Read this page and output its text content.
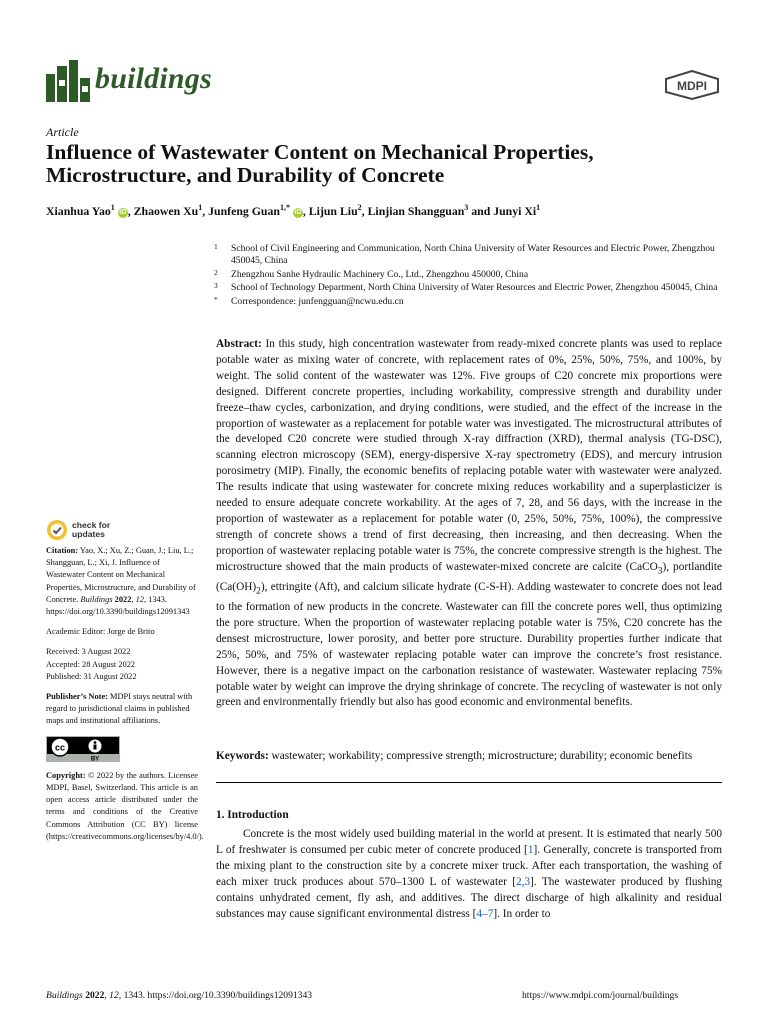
buildings	MDPI
Article
Influence of Wastewater Content on Mechanical Properties, Microstructure, and Durability of Concrete
Xianhua Yao$^1$ iD , Zhaowen Xu$^1$, Junfeng Guan$^{1,*}$ iD , Lijun Liu$^2$, Linjian Shangguan$^3$ and Junyi Xi$^1$
1 School of Civil Engineering and Communication, North China University of Water Resources and Electric Power, Zhengzhou 450045, China
2 Zhengzhou Sanhe Hydraulic Machinery Co., Ltd., Zhengzhou 450000, China
3 School of Technology Department, North China University of Water Resources and Electric Power, Zhengzhou 450045, China
* Correspondence: junfengguan@ncwu.edu.cn
Abstract: In this study, high concentration wastewater from ready-mixed concrete plants was used to replace potable water as mixing water of concrete, with replacement rates of 0%, 25%, 50%, 75%, and 100%, by weight. The solid content of the wastewater was 12%. Five groups of C20 concrete mix proportions were designed. Different concrete properties, including workability, compressive strength and durability under freeze–thaw cycles, carbonization, and drying conditions, were studied, and the effect of the increase in the proportion of wastewater as a replacement for potable water was investigated. The microstructural attributes of the developed C20 concrete were studied through X-ray diffraction (XRD), thermal analysis (TG-DSC), scanning electron microscopy (SEM), energy-dispersive X-ray spectrometry (EDS), and mercury intrusion porosimetry (MIP). Finally, the economic benefits of replacing potable water with wastewater were analyzed. The results indicate that using wastewater for concrete mixing reduces workability and a superplasticizer is needed to ensure adequate concrete workability. At the ages of 7, 28, and 56 days, with the increase in the proportion of wastewater as a replacement for potable water (0, 25%, 50%, 75%, 100%), the compressive strength of concrete shows a trend of first decreasing, then increasing, and then decreasing. When the proportion of wastewater replacing potable water is 75%, the concrete compressive strength is the highest. The microstructure showed that the main products of wastewater-mixed concrete are calcite (CaCO$_3$), portlandite $(Ca(OH)_2)$, ettringite (Aft), and calcium silicate hydrate (C-S-H). Adding wastewater to concrete does not lead to the formation of new products in the concrete. Wastewater can fill the concrete pores well, thus optimizing the pore structure. When the proportion of wastewater replacing potable water is 75%, C20 concrete has the densest microstructure, lower porosity, and better pore structure. Durability properties further indicate that 25%, 50%, and 75% of wastewater replacing potable water can improve the concrete’s frost resistance. However, there is a negative impact on the carbonation resistance of wastewater. Wastewater replacing 75% potable water by weight can improve the drying shrinkage of concrete. The recycling of wastewater is not only green and environmentally friendly but also has good economic and environmental benefits.
Keywords: wastewater; workability; compressive strength; microstructure; durability; economic benefits
1. Introduction
Concrete is the most widely used building material in the world at present. It is estimated that nearly 500 L of freshwater is consumed per cubic meter of concrete produced [1]. Generally, concrete is transported from the mixing plant to the construction site by a concrete mixer truck. After each transportation, the washing of each mixer truck produces about 570–1300 L of wastewater [2,3]. The wastewater produced by flushing contains unhydrated cement, fly ash, and additives. The direct discharge of high alkalinity and residual substances may cause significant environmental distress [4–7]. In order to
check for
updates
Citation: Yao, X.; Xu, Z.; Guan, J.; Liu, L.; Shangguan, L.; Xi, J. Influence of Wastewater Content on Mechanical Properties, Microstructure, and Durability of Concrete. Buildings 2022, 12, 1343. https://doi.org/10.3390/buildings12091343
Academic Editor: Jorge de Brito
Received: 3 August 2022
Accepted: 28 August 2022
Published: 31 August 2022
Publisher’s Note: MDPI stays neutral with regard to jurisdictional claims in published maps and institutional affiliations.
cc
BY
Copyright: © 2022 by the authors. Licensee MDPI, Basel, Switzerland. This article is an open access article distributed under the terms and conditions of the Creative Commons Attribution (CC BY) license (https://creativecommons.org/licenses/by/4.0/).
Buildings 2022, 12, 1343. https://doi.org/10.3390/buildings12091343	https://www.mdpi.com/journal/buildings
